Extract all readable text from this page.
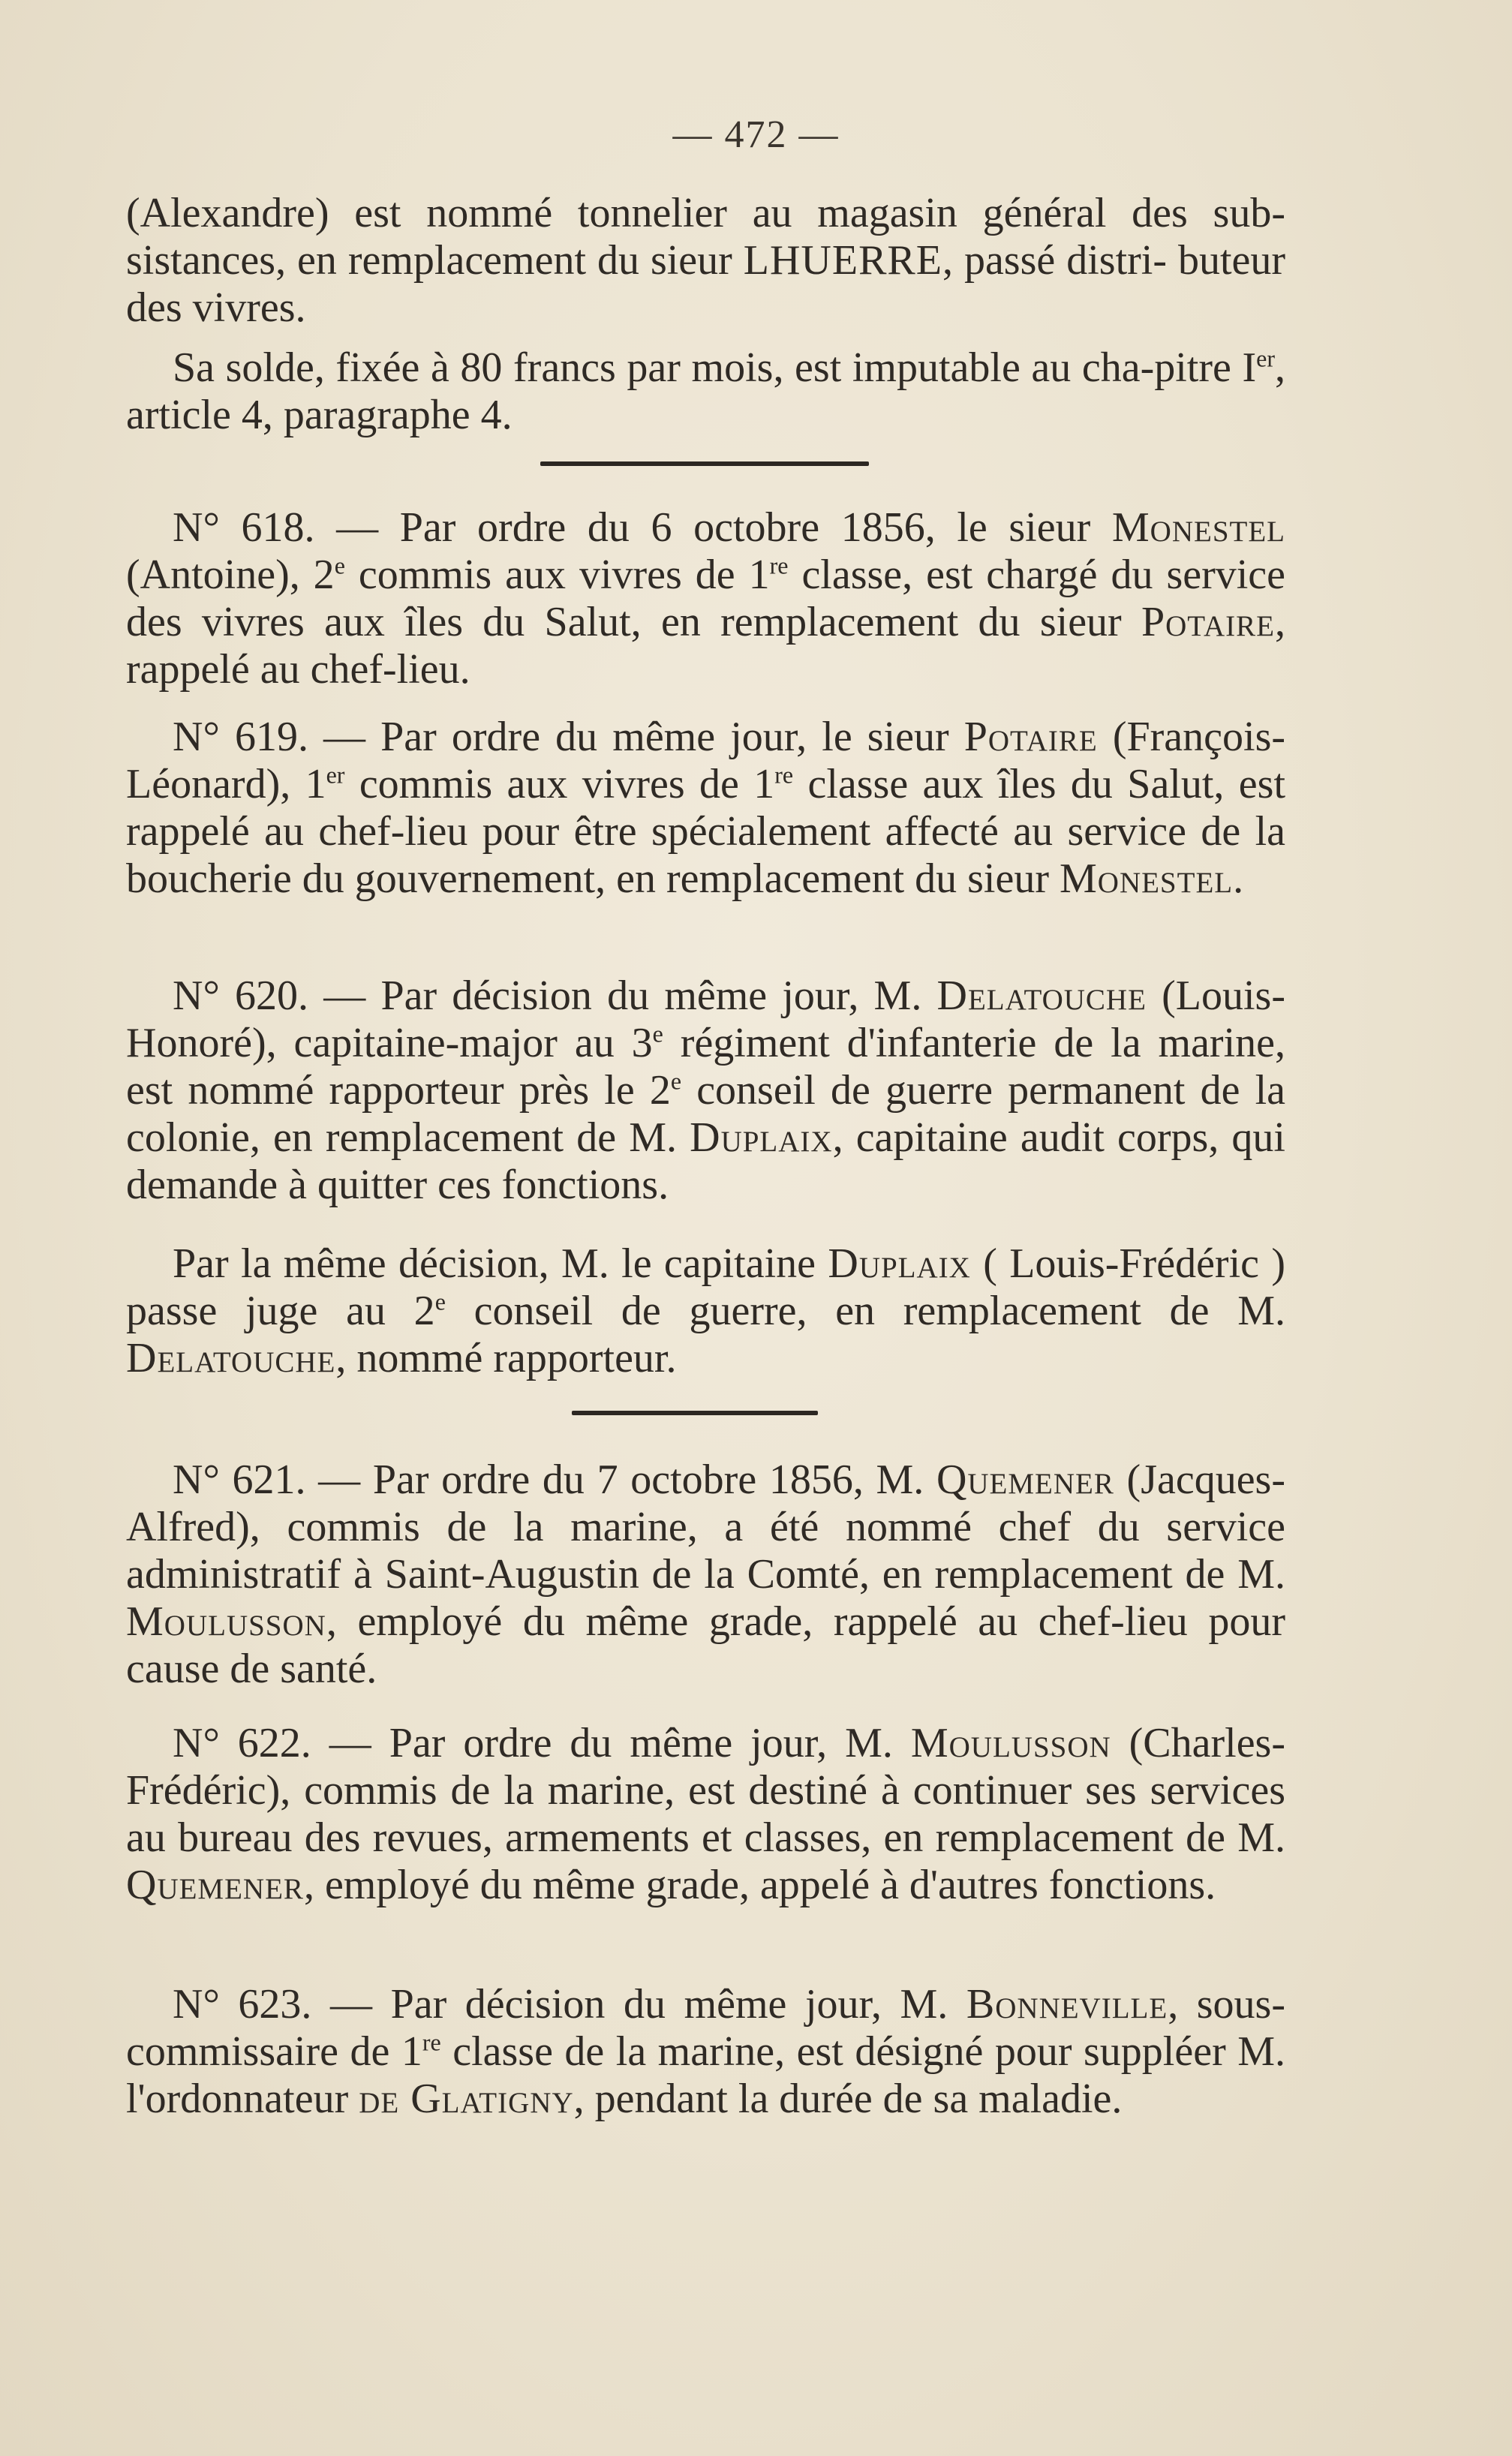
— 472 —

(Alexandre) est nommé tonnelier au magasin général des sub- sistances, en remplacement du sieur LHUERRE, passé distri- buteur des vivres.

Sa solde, fixée à 80 francs par mois, est imputable au cha-pitre Ier, article 4, paragraphe 4.

N° 618. — Par ordre du 6 octobre 1856, le sieur Monestel (Antoine), 2e commis aux vivres de 1re classe, est chargé du service des vivres aux îles du Salut, en remplacement du sieur Potaire, rappelé au chef-lieu.

N° 619. — Par ordre du même jour, le sieur Potaire (François-Léonard), 1er commis aux vivres de 1re classe aux îles du Salut, est rappelé au chef-lieu pour être spécialement affecté au service de la boucherie du gouvernement, en remplacement du sieur Monestel.

N° 620. — Par décision du même jour, M. Delatouche (Louis-Honoré), capitaine-major au 3e régiment d'infanterie de la marine, est nommé rapporteur près le 2e conseil de guerre permanent de la colonie, en remplacement de M. Duplaix, capitaine audit corps, qui demande à quitter ces fonctions.

Par la même décision, M. le capitaine Duplaix ( Louis-Frédéric ) passe juge au 2e conseil de guerre, en remplacement de M. Delatouche, nommé rapporteur.

N° 621. — Par ordre du 7 octobre 1856, M. Quemener (Jacques-Alfred), commis de la marine, a été nommé chef du service administratif à Saint-Augustin de la Comté, en remplacement de M. Moulusson, employé du même grade, rappelé au chef-lieu pour cause de santé.

N° 622. — Par ordre du même jour, M. Moulusson (Charles-Frédéric), commis de la marine, est destiné à continuer ses services au bureau des revues, armements et classes, en remplacement de M. Quemener, employé du même grade, appelé à d'autres fonctions.

N° 623. — Par décision du même jour, M. Bonneville, sous-commissaire de 1re classe de la marine, est désigné pour suppléer M. l'ordonnateur de Glatigny, pendant la durée de sa maladie.
